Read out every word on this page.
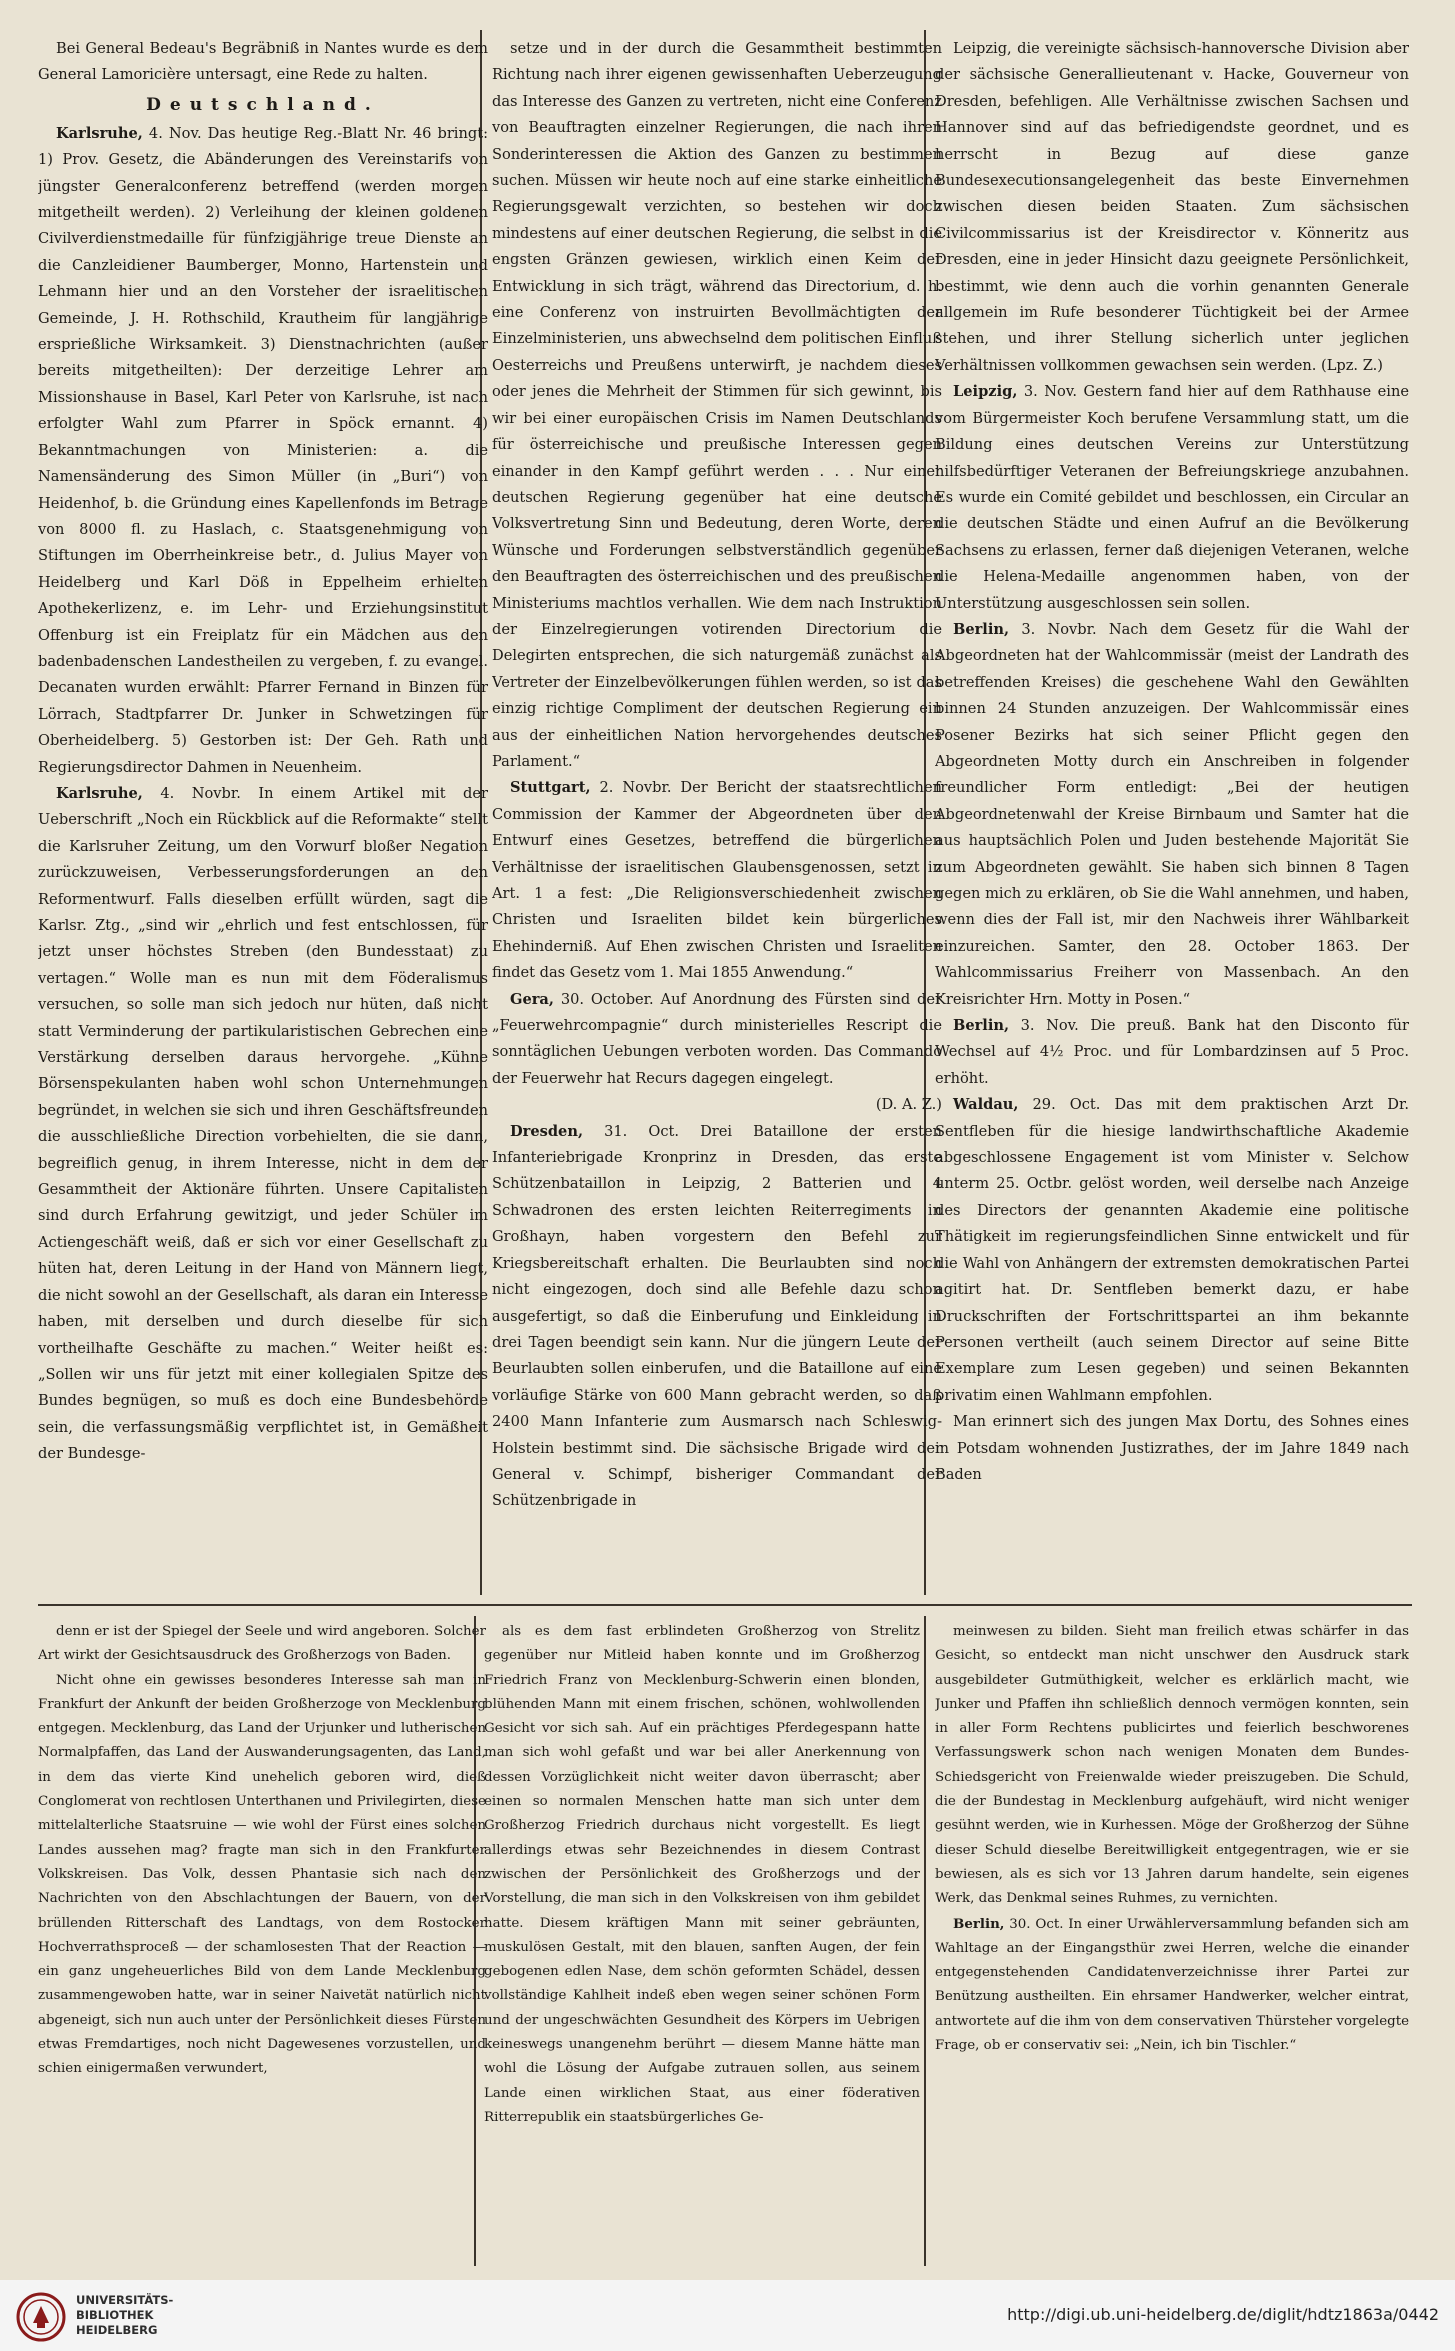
Bei General Bedeau's Begräbniß in Nantes wurde es dem General Lamoricière untersagt, eine Rede zu halten.

Deutschland.

Karlsruhe, 4. Nov. Das heutige Reg.-Blatt Nr. 46 bringt: 1) Prov. Gesetz, die Abänderungen des Vereinstarifs von jüngster Generalconferenz betreffend (werden morgen mitgetheilt werden). 2) Verleihung der kleinen goldenen Civilverdienstmedaille für fünfzigjährige treue Dienste an die Canzleidiener Baumberger, Monno, Hartenstein und Lehmann hier und an den Vorsteher der israelitischen Gemeinde, J. H. Rothschild, Krautheim für langjährige ersprießliche Wirksamkeit. 3) Dienstnachrichten (außer bereits mitgetheilten): Der derzeitige Lehrer am Missionshause in Basel, Karl Peter von Karlsruhe, ist nach erfolgter Wahl zum Pfarrer in Spöck ernannt. 4) Bekanntmachungen von Ministerien: a. die Namensänderung des Simon Müller (in „Buri“) von Heidenhof, b. die Gründung eines Kapellenfonds im Betrage von 8000 fl. zu Haslach, c. Staatsgenehmigung von Stiftungen im Oberrheinkreise betr., d. Julius Mayer von Heidelberg und Karl Döß in Eppelheim erhielten Apothekerlizenz, e. im Lehr- und Erziehungsinstitut Offenburg ist ein Freiplatz für ein Mädchen aus den badenbadenschen Landestheilen zu vergeben, f. zu evangel. Decanaten wurden erwählt: Pfarrer Fernand in Binzen für Lörrach, Stadtpfarrer Dr. Junker in Schwetzingen für Oberheidelberg. 5) Gestorben ist: Der Geh. Rath und Regierungsdirector Dahmen in Neuenheim.

Karlsruhe, 4. Novbr. In einem Artikel mit der Ueberschrift „Noch ein Rückblick auf die Reformakte“ stellt die Karlsruher Zeitung, um den Vorwurf bloßer Negation zurückzuweisen, Verbesserungsforderungen an den Reformentwurf. Falls dieselben erfüllt würden, sagt die Karlsr. Ztg., „sind wir „ehrlich und fest entschlossen, für jetzt unser höchstes Streben (den Bundesstaat) zu vertagen.“ Wolle man es nun mit dem Föderalismus versuchen, so solle man sich jedoch nur hüten, daß nicht statt Verminderung der partikularistischen Gebrechen eine Verstärkung derselben daraus hervorgehe. „Kühne Börsenspekulanten haben wohl schon Unternehmungen begründet, in welchen sie sich und ihren Geschäftsfreunden die ausschließliche Direction vorbehielten, die sie dann, begreiflich genug, in ihrem Interesse, nicht in dem der Gesammtheit der Aktionäre führten. Unsere Capitalisten sind durch Erfahrung gewitzigt, und jeder Schüler im Actiengeschäft weiß, daß er sich vor einer Gesellschaft zu hüten hat, deren Leitung in der Hand von Männern liegt, die nicht sowohl an der Gesellschaft, als daran ein Interesse haben, mit derselben und durch dieselbe für sich vortheilhafte Geschäfte zu machen.“ Weiter heißt es: „Sollen wir uns für jetzt mit einer kollegialen Spitze des Bundes begnügen, so muß es doch eine Bundesbehörde sein, die verfassungsmäßig verpflichtet ist, in Gemäßheit der Bundesge-

setze und in der durch die Gesammtheit bestimmten Richtung nach ihrer eigenen gewissenhaften Ueberzeugung das Interesse des Ganzen zu vertreten, nicht eine Conferenz von Beauftragten einzelner Regierungen, die nach ihren Sonderinteressen die Aktion des Ganzen zu bestimmen suchen. Müssen wir heute noch auf eine starke einheitliche Regierungsgewalt verzichten, so bestehen wir doch mindestens auf einer deutschen Regierung, die selbst in die engsten Gränzen gewiesen, wirklich einen Keim der Entwicklung in sich trägt, während das Directorium, d. h. eine Conferenz von instruirten Bevollmächtigten der Einzelministerien, uns abwechselnd dem politischen Einfluß Oesterreichs und Preußens unterwirft, je nachdem dieses oder jenes die Mehrheit der Stimmen für sich gewinnt, bis wir bei einer europäischen Crisis im Namen Deutschlands für österreichische und preußische Interessen gegen einander in den Kampf geführt werden . . . Nur einer deutschen Regierung gegenüber hat eine deutsche Volksvertretung Sinn und Bedeutung, deren Worte, deren Wünsche und Forderungen selbstverständlich gegenüber den Beauftragten des österreichischen und des preußischen Ministeriums machtlos verhallen. Wie dem nach Instruktion der Einzelregierungen votirenden Directorium die Delegirten entsprechen, die sich naturgemäß zunächst als Vertreter der Einzelbevölkerungen fühlen werden, so ist das einzig richtige Compliment der deutschen Regierung ein aus der einheitlichen Nation hervorgehendes deutsches Parlament.“

Stuttgart, 2. Novbr. Der Bericht der staatsrechtlichen Commission der Kammer der Abgeordneten über den Entwurf eines Gesetzes, betreffend die bürgerlichen Verhältnisse der israelitischen Glaubensgenossen, setzt in Art. 1 a fest: „Die Religionsverschiedenheit zwischen Christen und Israeliten bildet kein bürgerliches Ehehinderniß. Auf Ehen zwischen Christen und Israeliten findet das Gesetz vom 1. Mai 1855 Anwendung.“

Gera, 30. October. Auf Anordnung des Fürsten sind der „Feuerwehrcompagnie“ durch ministerielles Rescript die sonntäglichen Uebungen verboten worden. Das Commando der Feuerwehr hat Recurs dagegen eingelegt.

(D. A. Z.)

Dresden, 31. Oct. Drei Bataillone der ersten Infanteriebrigade Kronprinz in Dresden, das erste Schützenbataillon in Leipzig, 2 Batterien und 4 Schwadronen des ersten leichten Reiterregiments in Großhayn, haben vorgestern den Befehl zur Kriegsbereitschaft erhalten. Die Beurlaubten sind noch nicht eingezogen, doch sind alle Befehle dazu schon ausgefertigt, so daß die Einberufung und Einkleidung in drei Tagen beendigt sein kann. Nur die jüngern Leute der Beurlaubten sollen einberufen, und die Bataillone auf eine vorläufige Stärke von 600 Mann gebracht werden, so daß 2400 Mann Infanterie zum Ausmarsch nach Schleswig-Holstein bestimmt sind. Die sächsische Brigade wird der General v. Schimpf, bisheriger Commandant der Schützenbrigade in

Leipzig, die vereinigte sächsisch-hannoversche Division aber der sächsische Generallieutenant v. Hacke, Gouverneur von Dresden, befehligen. Alle Verhältnisse zwischen Sachsen und Hannover sind auf das befriedigendste geordnet, und es herrscht in Bezug auf diese ganze Bundesexecutionsangelegenheit das beste Einvernehmen zwischen diesen beiden Staaten. Zum sächsischen Civilcommissarius ist der Kreisdirector v. Könneritz aus Dresden, eine in jeder Hinsicht dazu geeignete Persönlichkeit, bestimmt, wie denn auch die vorhin genannten Generale allgemein im Rufe besonderer Tüchtigkeit bei der Armee stehen, und ihrer Stellung sicherlich unter jeglichen Verhältnissen vollkommen gewachsen sein werden. (Lpz. Z.)

Leipzig, 3. Nov. Gestern fand hier auf dem Rathhause eine vom Bürgermeister Koch berufene Versammlung statt, um die Bildung eines deutschen Vereins zur Unterstützung hilfsbedürftiger Veteranen der Befreiungskriege anzubahnen. Es wurde ein Comité gebildet und beschlossen, ein Circular an die deutschen Städte und einen Aufruf an die Bevölkerung Sachsens zu erlassen, ferner daß diejenigen Veteranen, welche die Helena-Medaille angenommen haben, von der Unterstützung ausgeschlossen sein sollen.

Berlin, 3. Novbr. Nach dem Gesetz für die Wahl der Abgeordneten hat der Wahlcommissär (meist der Landrath des betreffenden Kreises) die geschehene Wahl den Gewählten binnen 24 Stunden anzuzeigen. Der Wahlcommissär eines Posener Bezirks hat sich seiner Pflicht gegen den Abgeordneten Motty durch ein Anschreiben in folgender freundlicher Form entledigt: „Bei der heutigen Abgeordnetenwahl der Kreise Birnbaum und Samter hat die aus hauptsächlich Polen und Juden bestehende Majorität Sie zum Abgeordneten gewählt. Sie haben sich binnen 8 Tagen gegen mich zu erklären, ob Sie die Wahl annehmen, und haben, wenn dies der Fall ist, mir den Nachweis ihrer Wählbarkeit einzureichen. Samter, den 28. October 1863. Der Wahlcommissarius Freiherr von Massenbach. An den Kreisrichter Hrn. Motty in Posen.“

Berlin, 3. Nov. Die preuß. Bank hat den Disconto für Wechsel auf 4½ Proc. und für Lombardzinsen auf 5 Proc. erhöht.

Waldau, 29. Oct. Das mit dem praktischen Arzt Dr. Sentfleben für die hiesige landwirthschaftliche Akademie abgeschlossene Engagement ist vom Minister v. Selchow unterm 25. Octbr. gelöst worden, weil derselbe nach Anzeige des Directors der genannten Akademie eine politische Thätigkeit im regierungsfeindlichen Sinne entwickelt und für die Wahl von Anhängern der extremsten demokratischen Partei agitirt hat. Dr. Sentfleben bemerkt dazu, er habe Druckschriften der Fortschrittspartei an ihm bekannte Personen vertheilt (auch seinem Director auf seine Bitte Exemplare zum Lesen gegeben) und seinen Bekannten privatim einen Wahlmann empfohlen.

Man erinnert sich des jungen Max Dortu, des Sohnes eines in Potsdam wohnenden Justizrathes, der im Jahre 1849 nach Baden

denn er ist der Spiegel der Seele und wird angeboren. Solcher Art wirkt der Gesichtsausdruck des Großherzogs von Baden.

Nicht ohne ein gewisses besonderes Interesse sah man in Frankfurt der Ankunft der beiden Großherzoge von Mecklenburg entgegen. Mecklenburg, das Land der Urjunker und lutherischen Normalpfaffen, das Land der Auswanderungsagenten, das Land, in dem das vierte Kind unehelich geboren wird, dieß Conglomerat von rechtlosen Unterthanen und Privilegirten, diese mittelalterliche Staatsruine — wie wohl der Fürst eines solchen Landes aussehen mag? fragte man sich in den Frankfurter Volkskreisen. Das Volk, dessen Phantasie sich nach den Nachrichten von den Abschlachtungen der Bauern, von der brüllenden Ritterschaft des Landtags, von dem Rostocker Hochverrathsproceß — der schamlosesten That der Reaction — ein ganz ungeheuerliches Bild von dem Lande Mecklenburg zusammengewoben hatte, war in seiner Naivetät natürlich nicht abgeneigt, sich nun auch unter der Persönlichkeit dieses Fürsten etwas Fremdartiges, noch nicht Dagewesenes vorzustellen, und schien einigermaßen verwundert,

als es dem fast erblindeten Großherzog von Strelitz gegenüber nur Mitleid haben konnte und im Großherzog Friedrich Franz von Mecklenburg-Schwerin einen blonden, blühenden Mann mit einem frischen, schönen, wohlwollenden Gesicht vor sich sah. Auf ein prächtiges Pferdegespann hatte man sich wohl gefaßt und war bei aller Anerkennung von dessen Vorzüglichkeit nicht weiter davon überrascht; aber einen so normalen Menschen hatte man sich unter dem Großherzog Friedrich durchaus nicht vorgestellt. Es liegt allerdings etwas sehr Bezeichnendes in diesem Contrast zwischen der Persönlichkeit des Großherzogs und der Vorstellung, die man sich in den Volkskreisen von ihm gebildet hatte. Diesem kräftigen Mann mit seiner gebräunten, muskulösen Gestalt, mit den blauen, sanften Augen, der fein gebogenen edlen Nase, dem schön geformten Schädel, dessen vollständige Kahlheit indeß eben wegen seiner schönen Form und der ungeschwächten Gesundheit des Körpers im Uebrigen keineswegs unangenehm berührt — diesem Manne hätte man wohl die Lösung der Aufgabe zutrauen sollen, aus seinem Lande einen wirklichen Staat, aus einer föderativen Ritterrepublik ein staatsbürgerliches Ge-

meinwesen zu bilden. Sieht man freilich etwas schärfer in das Gesicht, so entdeckt man nicht unschwer den Ausdruck stark ausgebildeter Gutmüthigkeit, welcher es erklärlich macht, wie Junker und Pfaffen ihn schließlich dennoch vermögen konnten, sein in aller Form Rechtens publicirtes und feierlich beschworenes Verfassungswerk schon nach wenigen Monaten dem Bundes-Schiedsgericht von Freienwalde wieder preiszugeben. Die Schuld, die der Bundestag in Mecklenburg aufgehäuft, wird nicht weniger gesühnt werden, wie in Kurhessen. Möge der Großherzog der Sühne dieser Schuld dieselbe Bereitwilligkeit entgegentragen, wie er sie bewiesen, als es sich vor 13 Jahren darum handelte, sein eigenes Werk, das Denkmal seines Ruhmes, zu vernichten.

Berlin, 30. Oct. In einer Urwählerversammlung befanden sich am Wahltage an der Eingangsthür zwei Herren, welche die einander entgegenstehenden Candidatenverzeichnisse ihrer Partei zur Benützung austheilten. Ein ehrsamer Handwerker, welcher eintrat, antwortete auf die ihm von dem conservativen Thürsteher vorgelegte Frage, ob er conservativ sei: „Nein, ich bin Tischler.“

UNIVERSITÄTS-
BIBLIOTHEK
HEIDELBERG
http://digi.ub.uni-heidelberg.de/diglit/hdtz1863a/0442
